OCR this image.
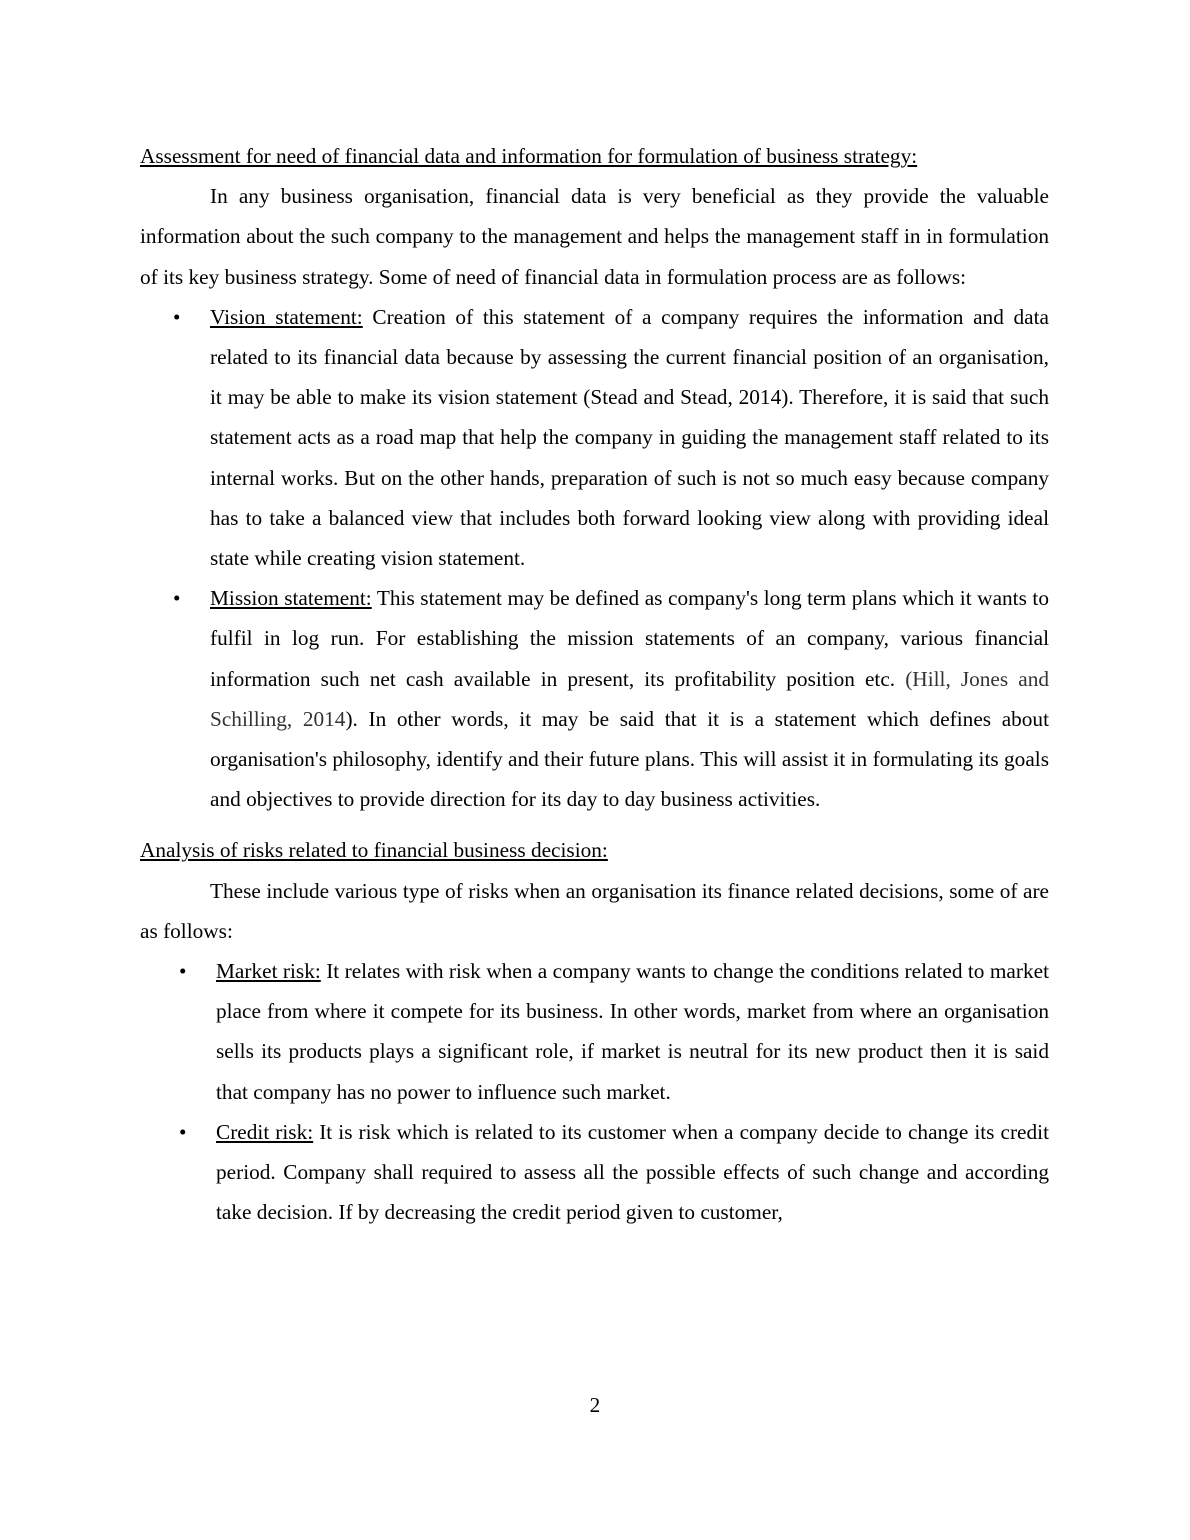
Assessment for need of financial data and information for formulation of business strategy:

In any business organisation, financial data is very beneficial as they provide the valuable information about the such company to the management and helps the management staff in in formulation of its key business strategy. Some of need of financial data in formulation process are as follows:

• Vision statement: Creation of this statement of a company requires the information and data related to its financial data because by assessing the current financial position of an organisation, it may be able to make its vision statement (Stead and Stead, 2014). Therefore, it is said that such statement acts as a road map that help the company in guiding the management staff related to its internal works. But on the other hands, preparation of such is not so much easy because company has to take a balanced view that includes both forward looking view along with providing ideal state while creating vision statement.
• Mission statement: This statement may be defined as company's long term plans which it wants to fulfil in log run. For establishing the mission statements of an company, various financial information such net cash available in present, its profitability position etc. (Hill, Jones and Schilling, 2014). In other words, it may be said that it is a statement which defines about organisation's philosophy, identify and their future plans. This will assist it in formulating its goals and objectives to provide direction for its day to day business activities.

Analysis of risks related to financial business decision:

These include various type of risks when an organisation its finance related decisions, some of are as follows:

• Market risk: It relates with risk when a company wants to change the conditions related to market place from where it compete for its business. In other words, market from where an organisation sells its products plays a significant role, if market is neutral for its new product then it is said that company has no power to influence such market.
• Credit risk: It is risk which is related to its customer when a company decide to change its credit period. Company shall required to assess all the possible effects of such change and according take decision. If by decreasing the credit period given to customer,
2
